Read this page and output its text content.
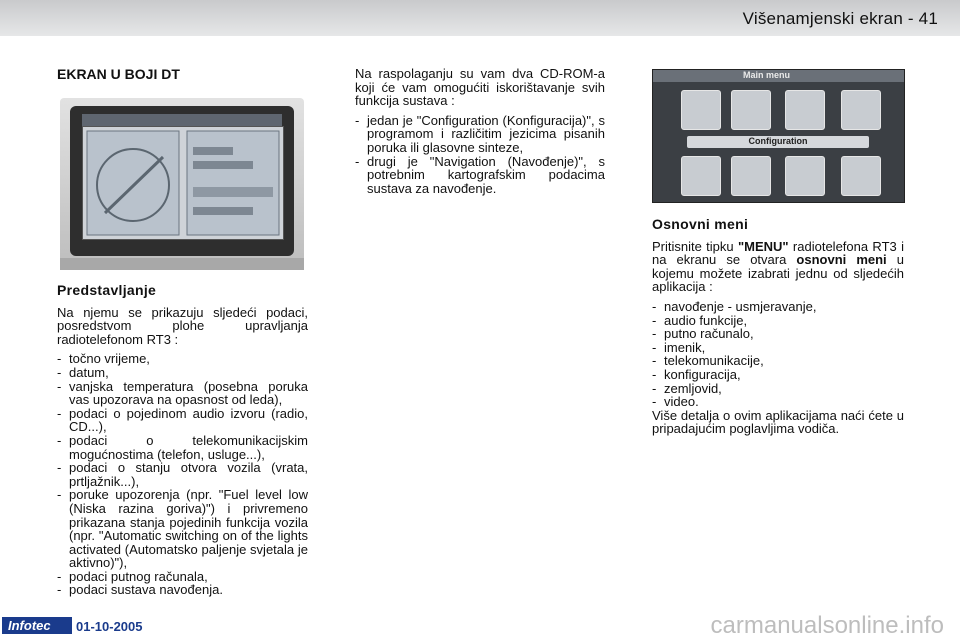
Višenamjenski ekran - 41
EKRAN U BOJI DT
Predstavljanje

Na njemu se prikazuju sljedeći podaci, posredstvom plohe upravljanja radiotelefonom RT3 :

- točno vrijeme,
- datum,
- vanjska temperatura (posebna poruka vas upozorava na opasnost od leda),
- podaci o pojedinom audio izvoru (radio, CD...),
- podaci o telekomunikacijskim mogućnostima (telefon, usluge...),
- podaci o stanju otvora vozila (vrata, prtljažnik...),
- poruke upozorenja (npr. "Fuel level low (Niska razina goriva)") i privremeno prikazana stanja pojedinih funkcija vozila (npr. "Automatic switching on of the lights activated (Automatsko paljenje svjetala je aktivno)"),
- podaci putnog računala,
- podaci sustava navođenja.

Na raspolaganju su vam dva CD-ROM-a koji će vam omogućiti iskorištavanje svih funkcija sustava :

- jedan je "Configuration (Konfiguracija)", s programom i različitim jezicima pisanih poruka ili glasovne sinteze,
- drugi je "Navigation (Navođenje)", s potrebnim kartografskim podacima sustava za navođenje.
Main menu
Configuration
Osnovni meni

Pritisnite tipku "MENU" radiotelefona RT3 i na ekranu se otvara osnovni meni u kojemu možete izabrati jednu od sljedećih aplikacija :

- navođenje - usmjeravanje,
- audio funkcije,
- putno računalo,
- imenik,
- telekomunikacije,
- konfiguracija,
- zemljovid,
- video.

Više detalja o ovim aplikacijama naći ćete u pripadajućim poglavljima vodiča.

Infotec 01-10-2005	carmanualsonline.info
